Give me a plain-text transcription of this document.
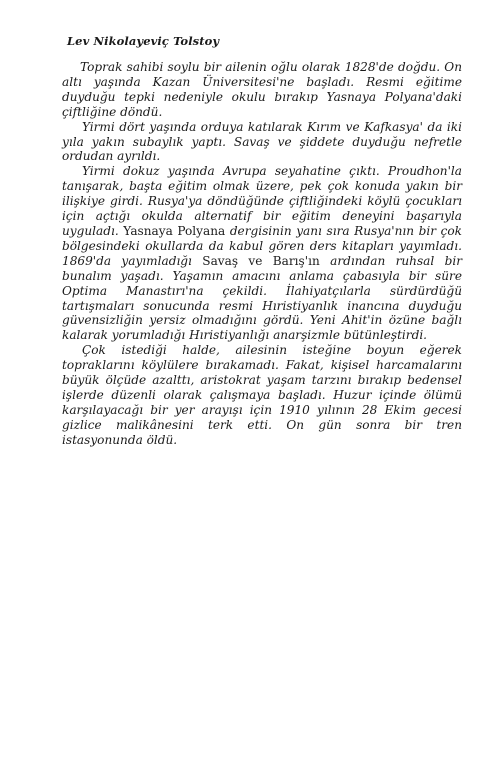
Lev Nikolayeviç Tolstoy

Toprak sahibi soylu bir ailenin oğlu olarak 1828'de doğdu. On altı yaşında Kazan Üniversitesi'ne başladı. Resmi eğitime duyduğu tepki nedeniyle okulu bırakıp Yasnaya Polyana'daki çiftliğine döndü.

Yirmi dört yaşında orduya katılarak Kırım ve Kafkasya' da iki yıla yakın subaylık yaptı. Savaş ve şiddete duyduğu nefretle ordudan ayrıldı.

Yirmi dokuz yaşında Avrupa seyahatine çıktı. Proudhon'la tanışarak, başta eğitim olmak üzere, pek çok konuda yakın bir ilişkiye girdi. Rusya'ya döndüğünde çiftliğindeki köylü çocukları için açtığı okulda alternatif bir eğitim deneyini başarıyla uyguladı. Yasnaya Polyana dergisinin yanı sıra Rusya'nın bir çok bölgesindeki okullarda da kabul gören ders kitapları yayımladı. 1869'da yayımladığı Savaş ve Barış'ın ardından ruhsal bir bunalım yaşadı. Yaşamın amacını anlama çabasıyla bir süre Optima Manastırı'na çekildi. İlahiyatçılarla sürdürdüğü tartışmaları sonucunda resmi Hıristiyanlık inancına duyduğu güvensizliğin yersiz olmadığını gördü. Yeni Ahit'in özüne bağlı kalarak yorumladığı Hıristiyanlığı anarşizmle bütünleştirdi.

Çok istediği halde, ailesinin isteğine boyun eğerek topraklarını köylülere bırakamadı. Fakat, kişisel harcamalarını büyük ölçüde azalttı, aristokrat yaşam tarzını bırakıp bedensel işlerde düzenli olarak çalışmaya başladı. Huzur içinde ölümü karşılayacağı bir yer arayışı için 1910 yılının 28 Ekim gecesi gizlice malikânesini terk etti. On gün sonra bir tren istasyonunda öldü.
